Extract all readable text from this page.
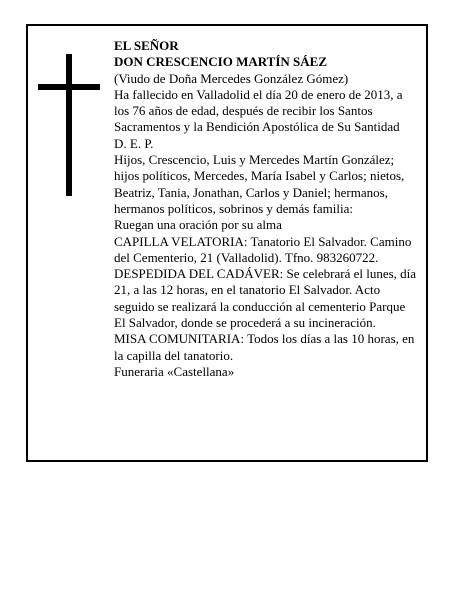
EL SEÑOR

DON CRESCENCIO MARTÍN SÁEZ

(Viudo de Doña Mercedes González Gómez)

Ha fallecido en Valladolid el día 20 de enero de 2013, a los 76 años de edad, después de recibir los Santos Sacramentos y la Bendición Apostólica de Su Santidad

D. E. P.

Hijos, Crescencio, Luis y Mercedes Martín González; hijos políticos, Mercedes, María Isabel y Carlos; nietos, Beatriz, Tania, Jonathan, Carlos y Daniel; hermanos, hermanos políticos, sobrinos y demás familia:

Ruegan una oración por su alma

CAPILLA VELATORIA: Tanatorio El Salvador. Camino del Cementerio, 21 (Valladolid). Tfno. 983260722.

DESPEDIDA DEL CADÁVER: Se celebrará el lunes, día 21, a las 12 horas, en el tanatorio El Salvador. Acto seguido se realizará la conducción al cementerio Parque El Salvador, donde se procederá a su incineración.

MISA COMUNITARIA: Todos los días a las 10 horas, en la capilla del tanatorio.

Funeraria «Castellana»
